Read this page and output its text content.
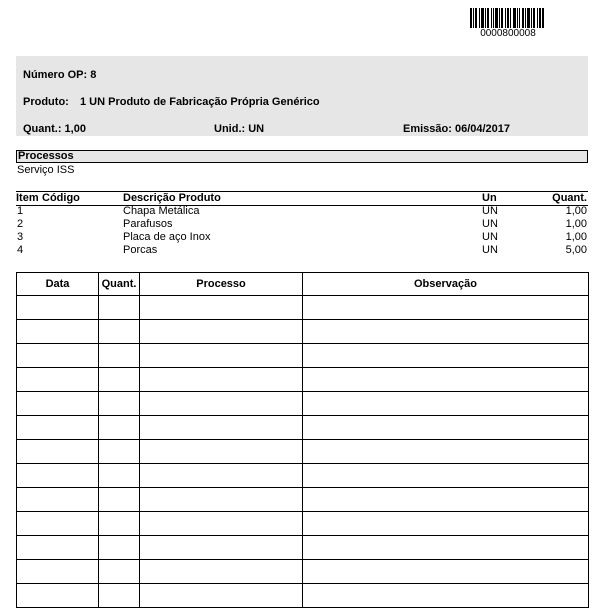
0000800008
Número OP: 8
Produto: 1 UN Produto de Fabricação Própria Genérico
Quant.: 1,00	Unid.: UN	Emissão: 06/04/2017
Processos
Serviço ISS
Item Código	Descrição Produto	Un	Quant.
1	Chapa Metálica	UN	1,00
2	Parafusos	UN	1,00
3	Placa de aço Inox	UN	1,00
4	Porcas	UN	5,00
Data	Quant.	Processo	Observação
